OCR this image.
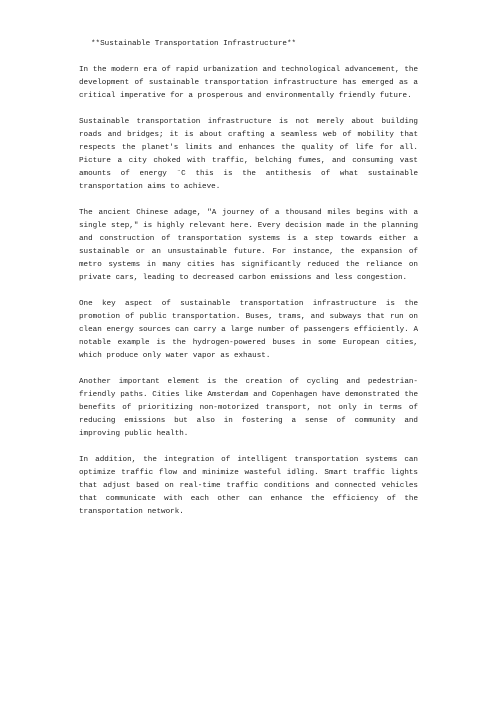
**Sustainable Transportation Infrastructure**

In the modern era of rapid urbanization and technological advancement, the development of sustainable transportation infrastructure has emerged as a critical imperative for a prosperous and environmentally friendly future.

Sustainable transportation infrastructure is not merely about building roads and bridges; it is about crafting a seamless web of mobility that respects the planet's limits and enhances the quality of life for all. Picture a city choked with traffic, belching fumes, and consuming vast amounts of energy ¨C this is the antithesis of what sustainable transportation aims to achieve.

The ancient Chinese adage, "A journey of a thousand miles begins with a single step," is highly relevant here. Every decision made in the planning and construction of transportation systems is a step towards either a sustainable or an unsustainable future. For instance, the expansion of metro systems in many cities has significantly reduced the reliance on private cars, leading to decreased carbon emissions and less congestion.

One key aspect of sustainable transportation infrastructure is the promotion of public transportation. Buses, trams, and subways that run on clean energy sources can carry a large number of passengers efficiently. A notable example is the hydrogen-powered buses in some European cities, which produce only water vapor as exhaust.

Another important element is the creation of cycling and pedestrian-friendly paths. Cities like Amsterdam and Copenhagen have demonstrated the benefits of prioritizing non-motorized transport, not only in terms of reducing emissions but also in fostering a sense of community and improving public health.

In addition, the integration of intelligent transportation systems can optimize traffic flow and minimize wasteful idling. Smart traffic lights that adjust based on real-time traffic conditions and connected vehicles that communicate with each other can enhance the efficiency of the transportation network.
